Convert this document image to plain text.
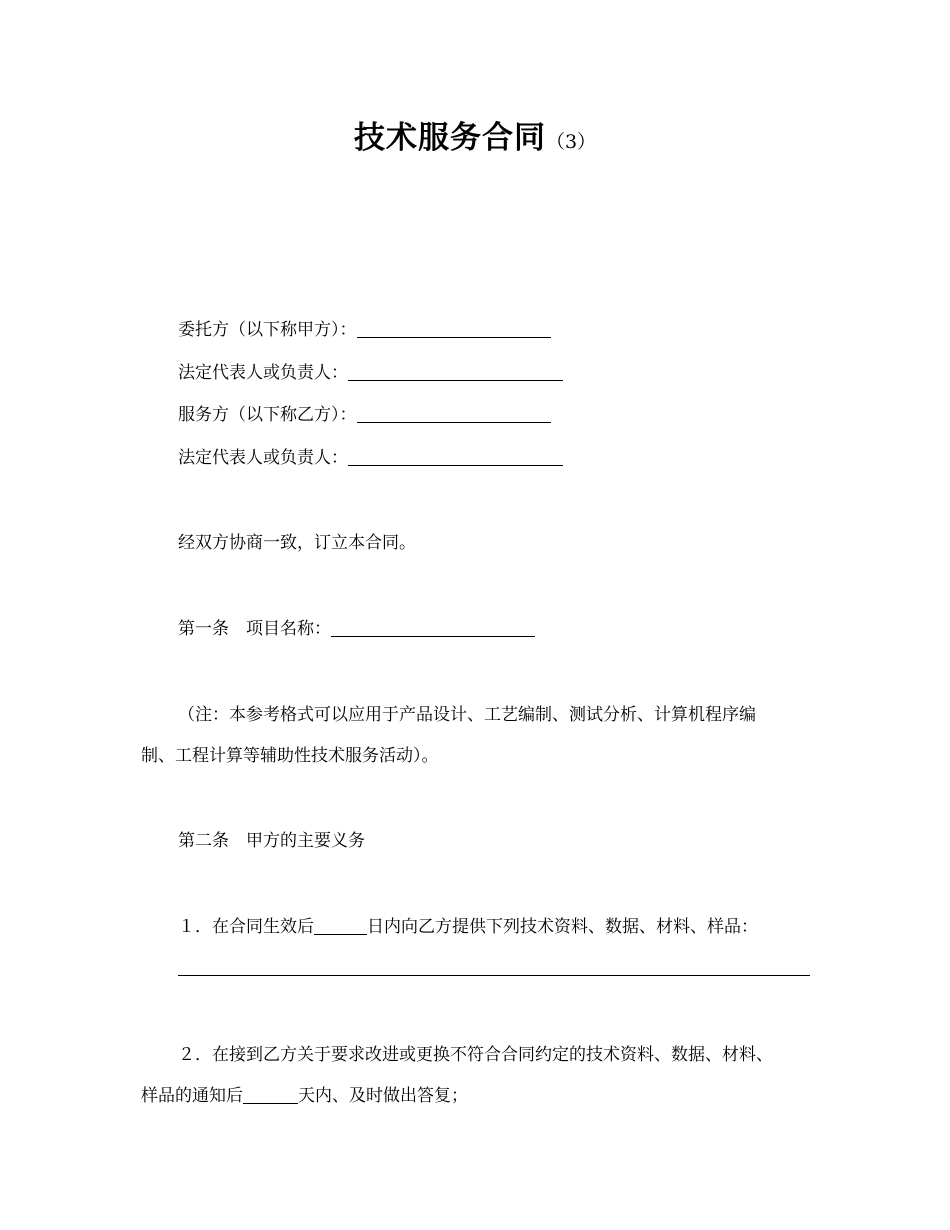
技术服务合同（3）
委托方（以下称甲方）：
法定代表人或负责人：
服务方（以下称乙方）：
法定代表人或负责人：
经双方协商一致，订立本合同。
第一条 项目名称：
（注：本参考格式可以应用于产品设计、工艺编制、测试分析、计算机程序编
制、工程计算等辅助性技术服务活动）。
第二条 甲方的主要义务
１．在合同生效后	日内向乙方提供下列技术资料、数据、材料、样品：
２．在接到乙方关于要求改进或更换不符合合同约定的技术资料、数据、材料、
样品的通知后	天内、及时做出答复；
